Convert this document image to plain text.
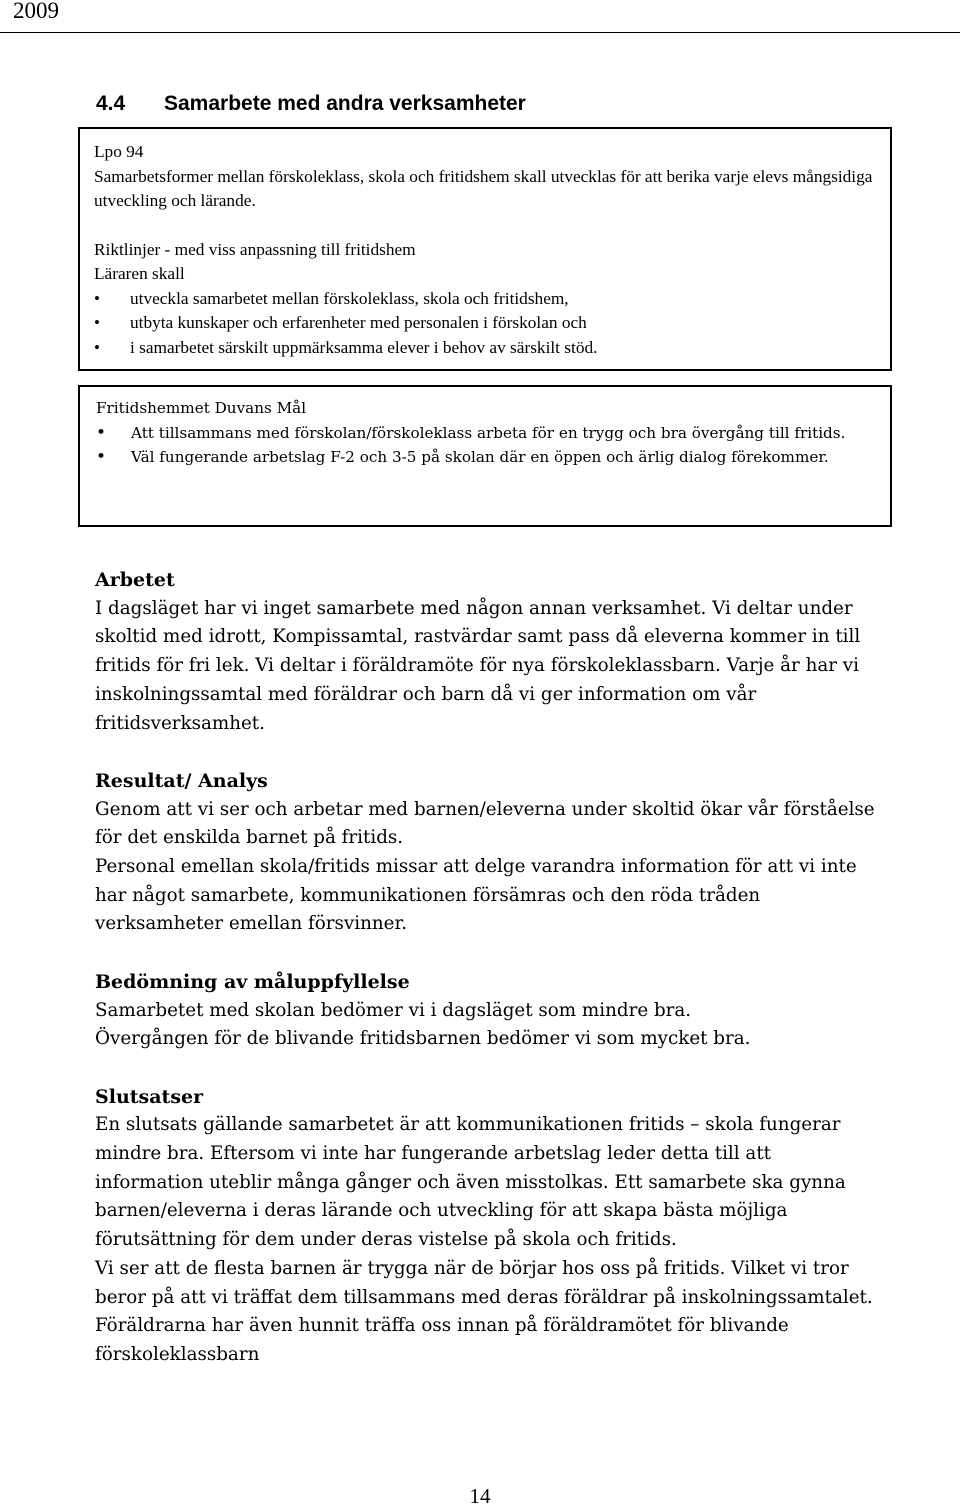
2009
4.4 Samarbete med andra verksamheter

Lpo 94

Samarbetsformer mellan förskoleklass, skola och fritidshem skall utvecklas för att berika varje elevs mångsidiga utveckling och lärande.

Riktlinjer - med viss anpassning till fritidshem

Läraren skall

• utveckla samarbetet mellan förskoleklass, skola och fritidshem,
• utbyta kunskaper och erfarenheter med personalen i förskolan och
• i samarbetet särskilt uppmärksamma elever i behov av särskilt stöd.

Fritidshemmet Duvans Mål

• Att tillsammans med förskolan/förskoleklass arbeta för en trygg och bra övergång till fritids.
• Väl fungerande arbetslag F-2 och 3-5 på skolan där en öppen och ärlig dialog förekommer.
Arbetet

I dagsläget har vi inget samarbete med någon annan verksamhet. Vi deltar under skoltid med idrott, Kompissamtal, rastvärdar samt pass då eleverna kommer in till fritids för fri lek. Vi deltar i föräldramöte för nya förskoleklassbarn. Varje år har vi inskolningssamtal med föräldrar och barn då vi ger information om vår fritidsverksamhet.

Resultat/ Analys

Genom att vi ser och arbetar med barnen/eleverna under skoltid ökar vår förståelse för det enskilda barnet på fritids.

Personal emellan skola/fritids missar att delge varandra information för att vi inte har något samarbete, kommunikationen försämras och den röda tråden verksamheter emellan försvinner.

Bedömning av måluppfyllelse

Samarbetet med skolan bedömer vi i dagsläget som mindre bra.

Övergången för de blivande fritidsbarnen bedömer vi som mycket bra.

Slutsatser

En slutsats gällande samarbetet är att kommunikationen fritids – skola fungerar mindre bra. Eftersom vi inte har fungerande arbetslag leder detta till att information uteblir många gånger och även misstolkas. Ett samarbete ska gynna barnen/eleverna i deras lärande och utveckling för att skapa bästa möjliga förutsättning för dem under deras vistelse på skola och fritids.

Vi ser att de flesta barnen är trygga när de börjar hos oss på fritids. Vilket vi tror beror på att vi träffat dem tillsammans med deras föräldrar på inskolningssamtalet. Föräldrarna har även hunnit träffa oss innan på föräldramötet för blivande förskoleklassbarn

14
